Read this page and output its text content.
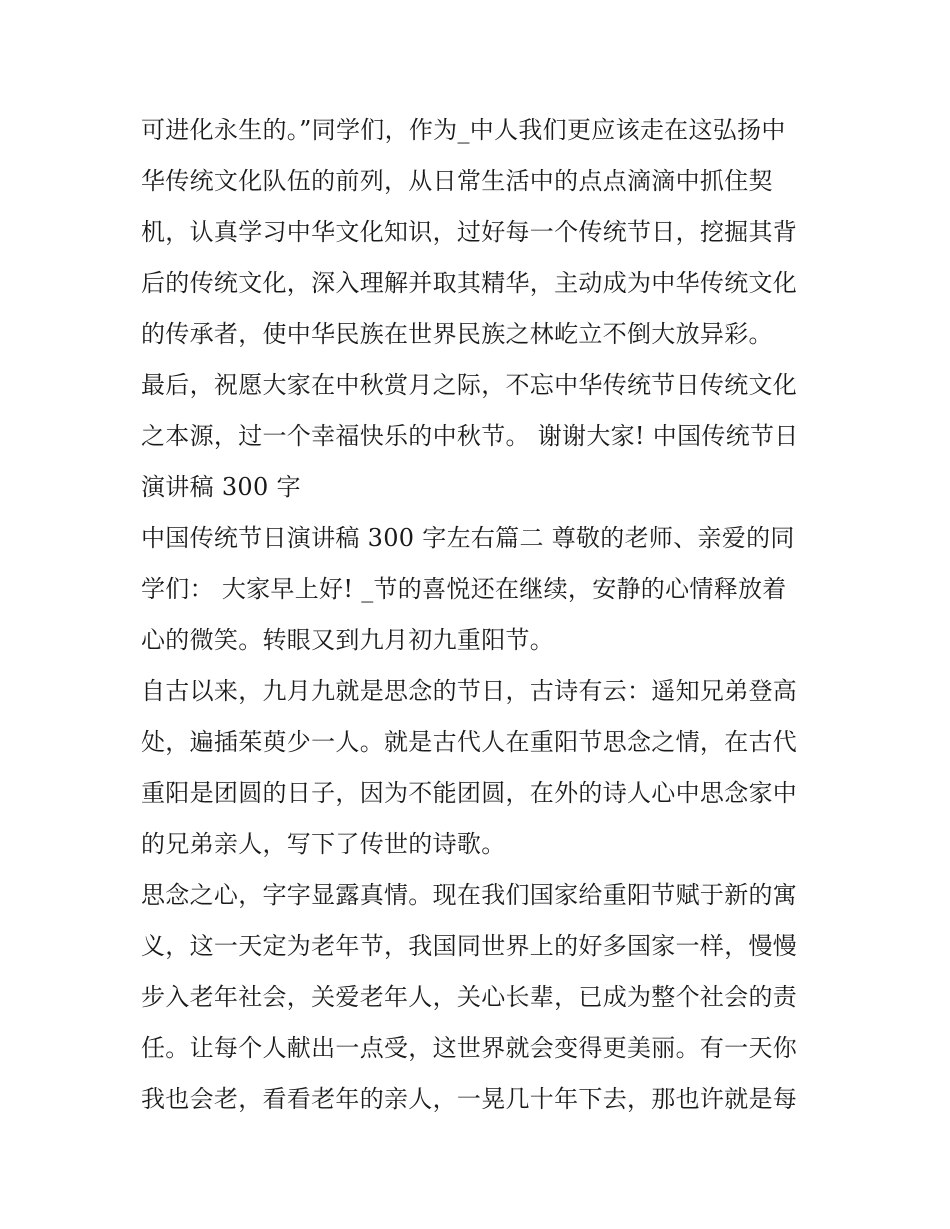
可进化永生的。”同学们，作为_中人我们更应该走在这弘扬中
华传统文化队伍的前列，从日常生活中的点点滴滴中抓住契
机，认真学习中华文化知识，过好每一个传统节日，挖掘其背
后的传统文化，深入理解并取其精华，主动成为中华传统文化
的传承者，使中华民族在世界民族之林屹立不倒大放异彩。
最后，祝愿大家在中秋赏月之际，不忘中华传统节日传统文化
之本源，过一个幸福快乐的中秋节。 谢谢大家! 中国传统节日
演讲稿 300 字
中国传统节日演讲稿 300 字左右篇二 尊敬的老师、亲爱的同
学们： 大家早上好! _节的喜悦还在继续，安静的心情释放着
心的微笑。转眼又到九月初九重阳节。
自古以来，九月九就是思念的节日，古诗有云：遥知兄弟登高
处，遍插茱萸少一人。就是古代人在重阳节思念之情，在古代
重阳是团圆的日子，因为不能团圆，在外的诗人心中思念家中
的兄弟亲人，写下了传世的诗歌。
思念之心，字字显露真情。现在我们国家给重阳节赋于新的寓
义，这一天定为老年节，我国同世界上的好多国家一样，慢慢
步入老年社会，关爱老年人，关心长辈，已成为整个社会的责
任。让每个人献出一点受，这世界就会变得更美丽。有一天你
我也会老，看看老年的亲人，一晃几十年下去，那也许就是每
